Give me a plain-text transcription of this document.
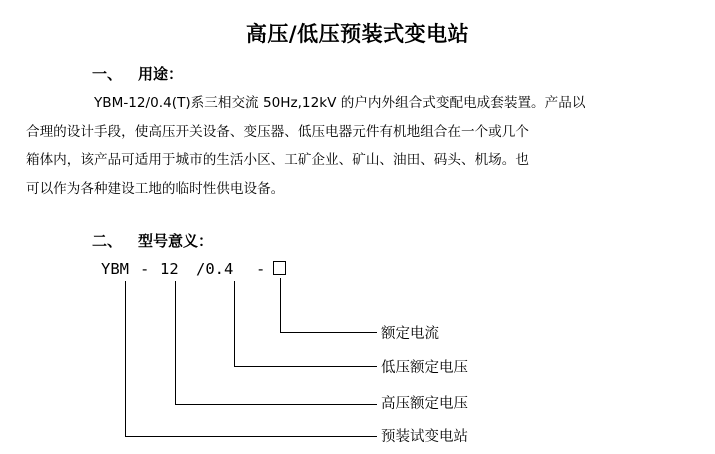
高压/低压预装式变电站
一、 用途：
YBM-12/0.4(T)系三相交流 50Hz,12kV 的户内外组合式变配电成套装置。产品以
合理的设计手段，使高压开关设备、变压器、低压电器元件有机地组合在一个或几个
箱体内，该产品可适用于城市的生活小区、工矿企业、矿山、油田、码头、机场。也
可以作为各种建设工地的临时性供电设备。
二、 型号意义：
YBM - 12 /0.4 -
额定电流
低压额定电压
高压额定电压
预装试变电站
